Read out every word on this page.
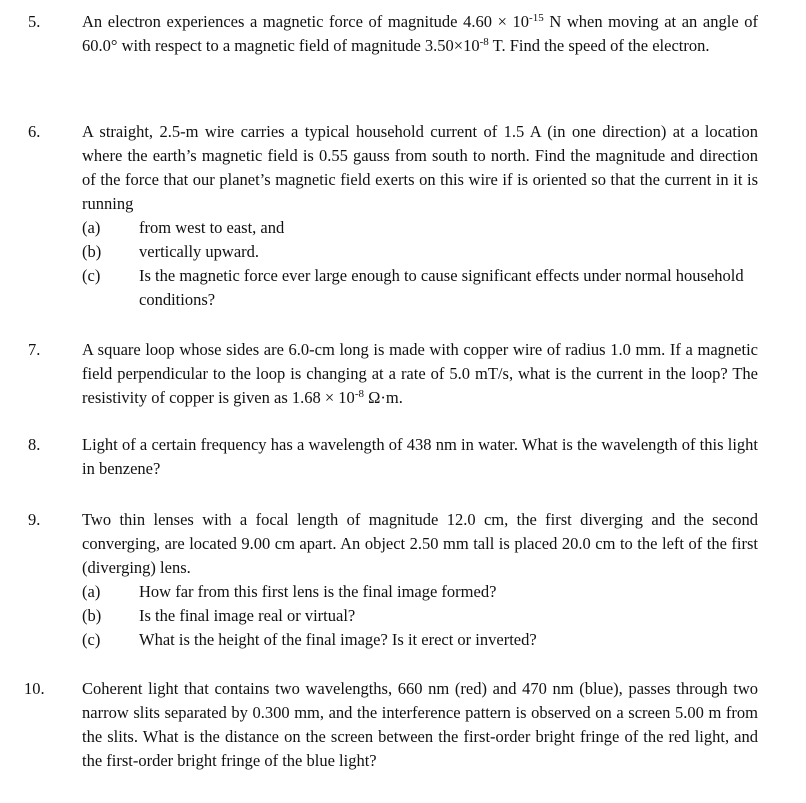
5.	An electron experiences a magnetic force of magnitude $4.60 \times 10^{-15}$ N when moving at an angle of 60.0° with respect to a magnetic field of magnitude $3.50\times 10^{-8}$ T. Find the speed of the electron.

6.	A straight, 2.5-m wire carries a typical household current of 1.5 A (in one direction) at a location where the earth’s magnetic field is 0.55 gauss from south to north. Find the magnitude and direction of the force that our planet’s magnetic field exerts on this wire if is oriented so that the current in it is running

(a) from west to east, and
(b) vertically upward.
(c) Is the magnetic force ever large enough to cause significant effects under normal household conditions?
7.	A square loop whose sides are 6.0-cm long is made with copper wire of radius 1.0 mm. If a magnetic field perpendicular to the loop is changing at a rate of 5.0 mT/s, what is the current in the loop? The resistivity of copper is given as $1.68 \times 10^{-8}$ Ω·m.

8.	Light of a certain frequency has a wavelength of 438 nm in water. What is the wavelength of this light in benzene?

9.	Two thin lenses with a focal length of magnitude 12.0 cm, the first diverging and the second converging, are located 9.00 cm apart. An object 2.50 mm tall is placed 20.0 cm to the left of the first (diverging) lens.

(a) How far from this first lens is the final image formed?
(b) Is the final image real or virtual?
(c) What is the height of the final image? Is it erect or inverted?
10. Coherent light that contains two wavelengths, 660 nm (red) and 470 nm (blue), passes through two narrow slits separated by 0.300 mm, and the interference pattern is observed on a screen 5.00 m from the slits. What is the distance on the screen between the first-order bright fringe of the red light, and the first-order bright fringe of the blue light?
